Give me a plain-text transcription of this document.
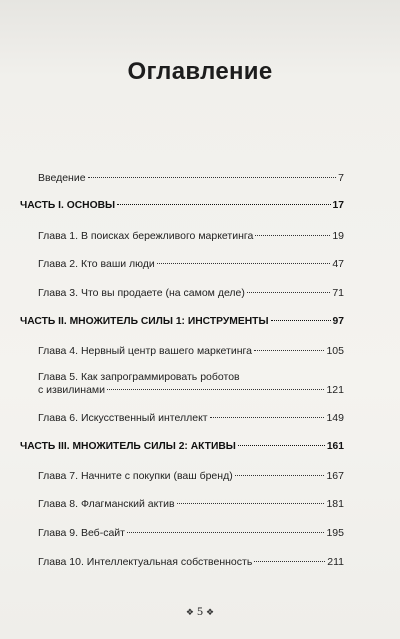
Оглавление
Введение	7
ЧАСТЬ I. ОСНОВЫ	17
Глава 1. В поисках бережливого маркетинга	19
Глава 2. Кто ваши люди	47
Глава 3. Что вы продаете (на самом деле)	71
ЧАСТЬ II. МНОЖИТЕЛЬ СИЛЫ 1: ИНСТРУМЕНТЫ	97
Глава 4. Нервный центр вашего маркетинга	105
Глава 5. Как запрограммировать роботов
с извилинами	121
Глава 6. Искусственный интеллект	149
ЧАСТЬ III. МНОЖИТЕЛЬ СИЛЫ 2: АКТИВЫ	161
Глава 7. Начните с покупки (ваш бренд)	167
Глава 8. Флагманский актив	181
Глава 9. Веб-сайт	195
Глава 10. Интеллектуальная собственность	211
❖ 5 ❖
